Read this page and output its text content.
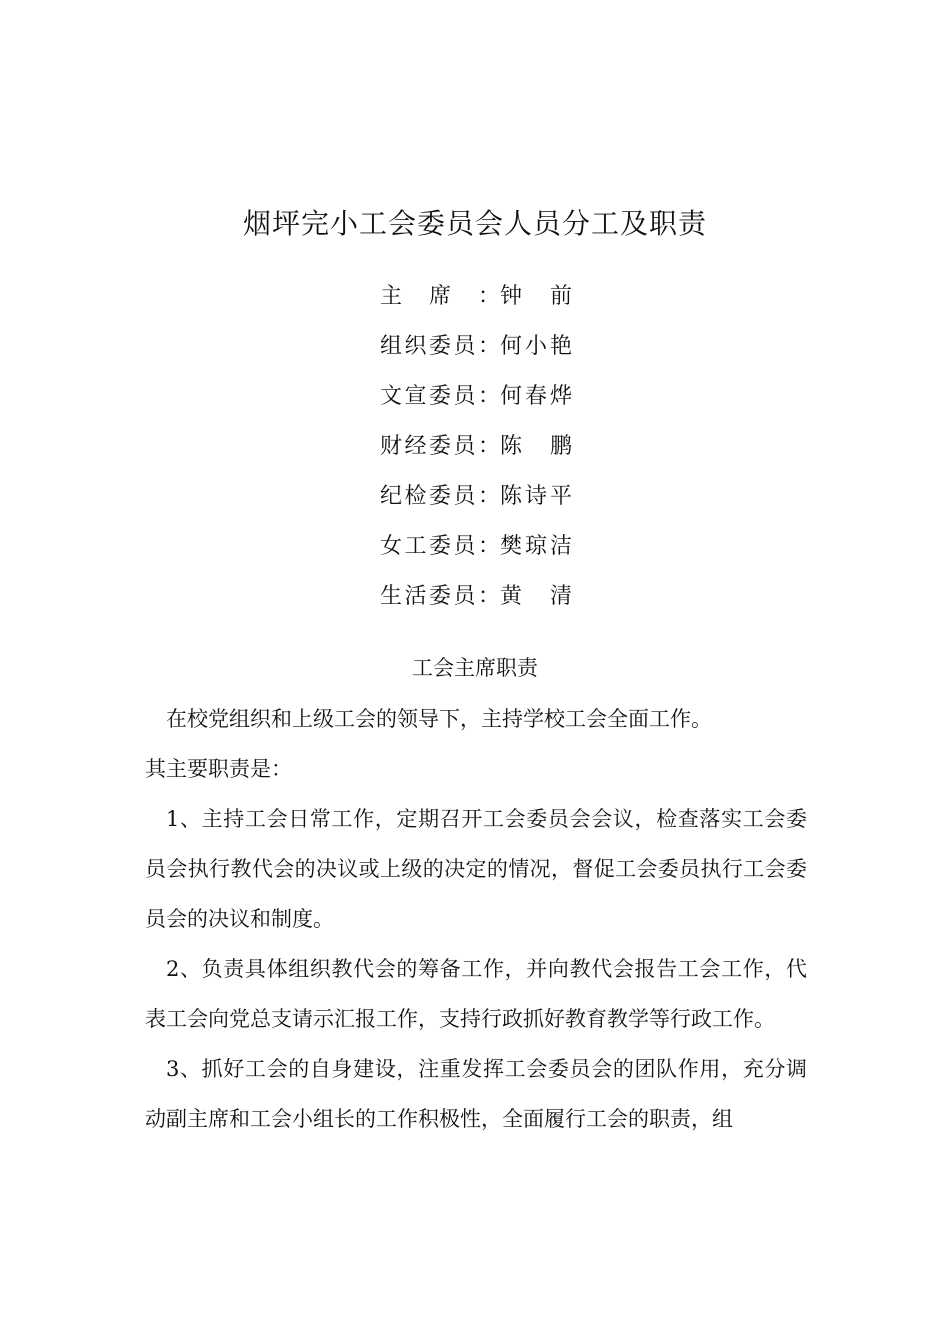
烟坪完小工会委员会人员分工及职责
主席：钟前
组织委员：何小艳
文宣委员：何春烨
财经委员：陈鹏
纪检委员：陈诗平
女工委员：樊琼洁
生活委员：黄清
工会主席职责

在校党组织和上级工会的领导下，主持学校工会全面工作。

其主要职责是：

1、主持工会日常工作，定期召开工会委员会会议，检查落实工会委员会执行教代会的决议或上级的决定的情况，督促工会委员执行工会委员会的决议和制度。

2、负责具体组织教代会的筹备工作，并向教代会报告工会工作，代表工会向党总支请示汇报工作，支持行政抓好教育教学等行政工作。

3、抓好工会的自身建设，注重发挥工会委员会的团队作用，充分调动副主席和工会小组长的工作积极性，全面履行工会的职责，组
